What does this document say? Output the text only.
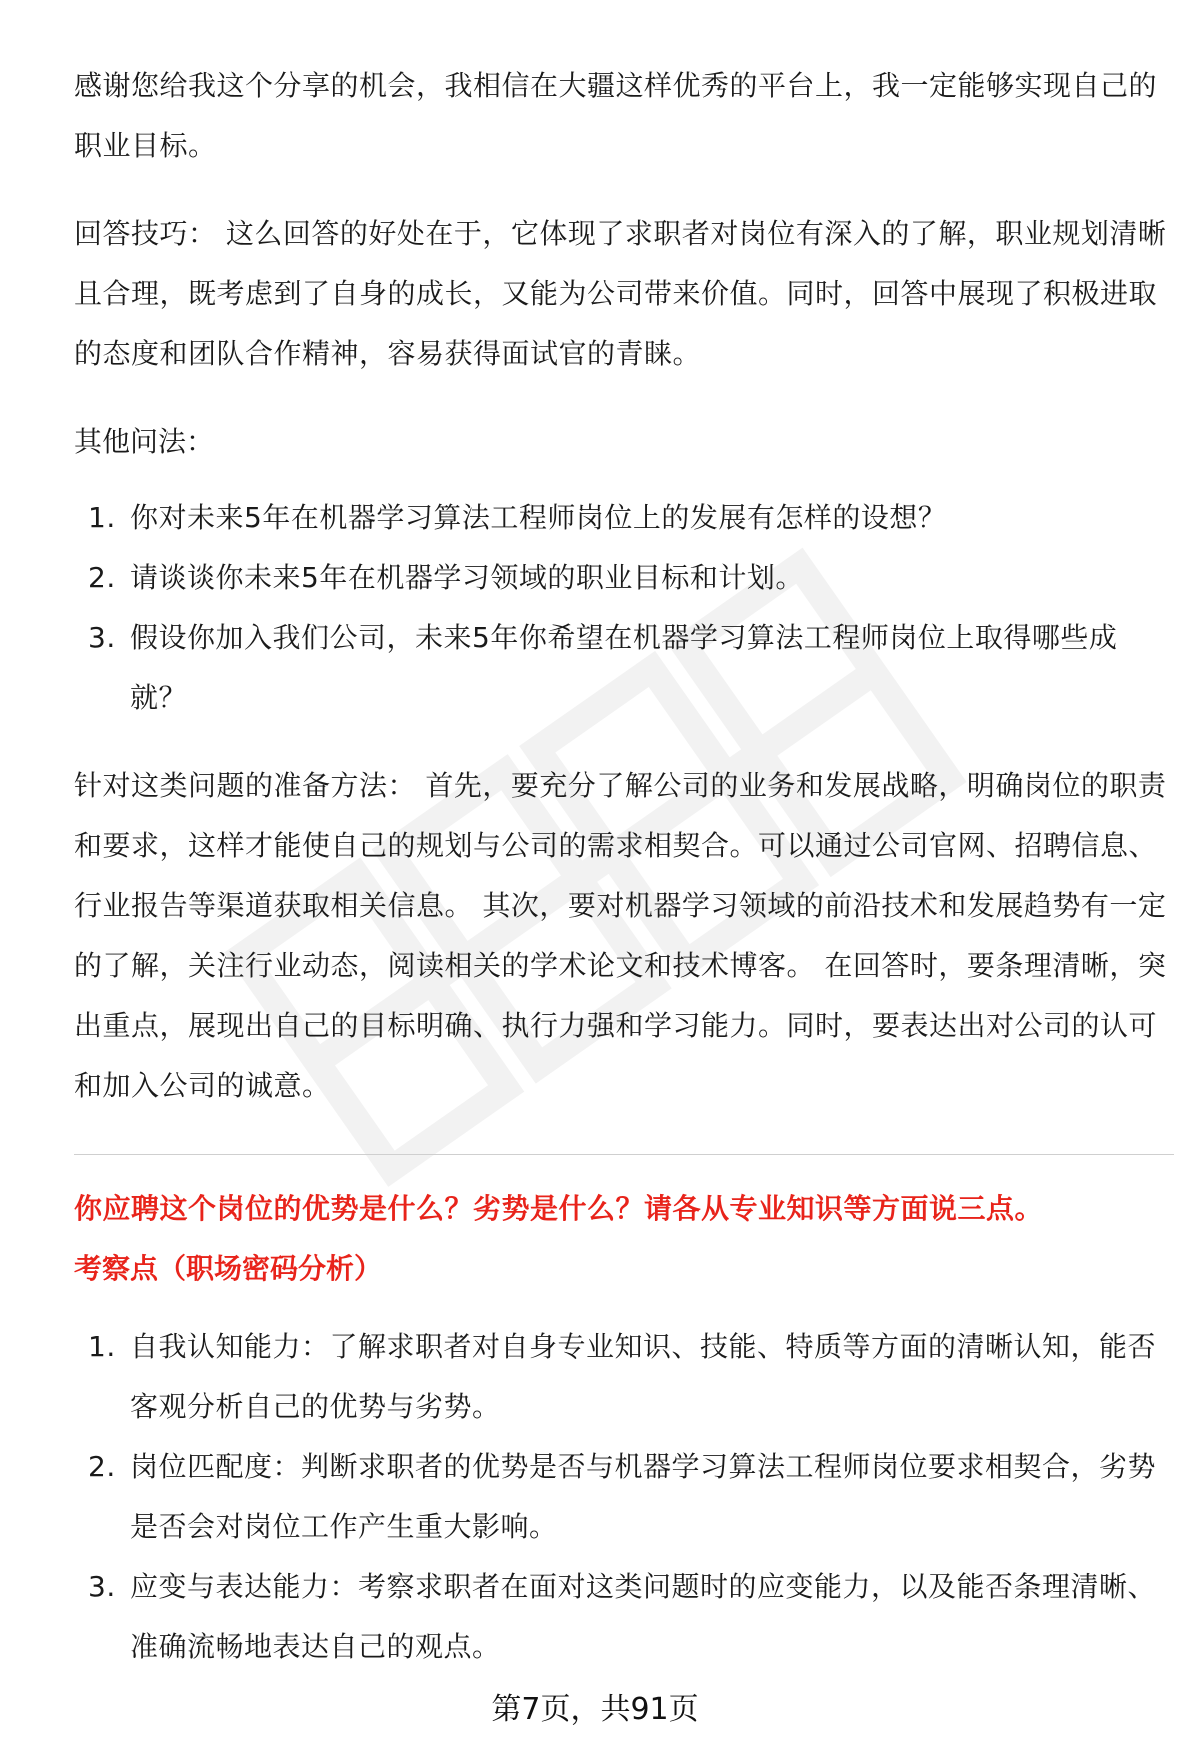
感谢您给我这个分享的机会，我相信在大疆这样优秀的平台上，我一定能够实现自己的职业目标。

回答技巧： 这么回答的好处在于，它体现了求职者对岗位有深入的了解，职业规划清晰且合理，既考虑到了自身的成长，又能为公司带来价值。同时，回答中展现了积极进取的态度和团队合作精神，容易获得面试官的青睐。

其他问法：
1. 你对未来5年在机器学习算法工程师岗位上的发展有怎样的设想？
2. 请谈谈你未来5年在机器学习领域的职业目标和计划。
3. 假设你加入我们公司，未来5年你希望在机器学习算法工程师岗位上取得哪些成就？

针对这类问题的准备方法： 首先，要充分了解公司的业务和发展战略，明确岗位的职责和要求，这样才能使自己的规划与公司的需求相契合。可以通过公司官网、招聘信息、行业报告等渠道获取相关信息。 其次，要对机器学习领域的前沿技术和发展趋势有一定的了解，关注行业动态，阅读相关的学术论文和技术博客。 在回答时，要条理清晰，突出重点，展现出自己的目标明确、执行力强和学习能力。同时，要表达出对公司的认可和加入公司的诚意。

你应聘这个岗位的优势是什么？劣势是什么？请各从专业知识等方面说三点。
考察点（职场密码分析）
1. 自我认知能力：了解求职者对自身专业知识、技能、特质等方面的清晰认知，能否客观分析自己的优势与劣势。
2. 岗位匹配度：判断求职者的优势是否与机器学习算法工程师岗位要求相契合，劣势是否会对岗位工作产生重大影响。
3. 应变与表达能力：考察求职者在面对这类问题时的应变能力，以及能否条理清晰、准确流畅地表达自己的观点。
第7页，共91页
